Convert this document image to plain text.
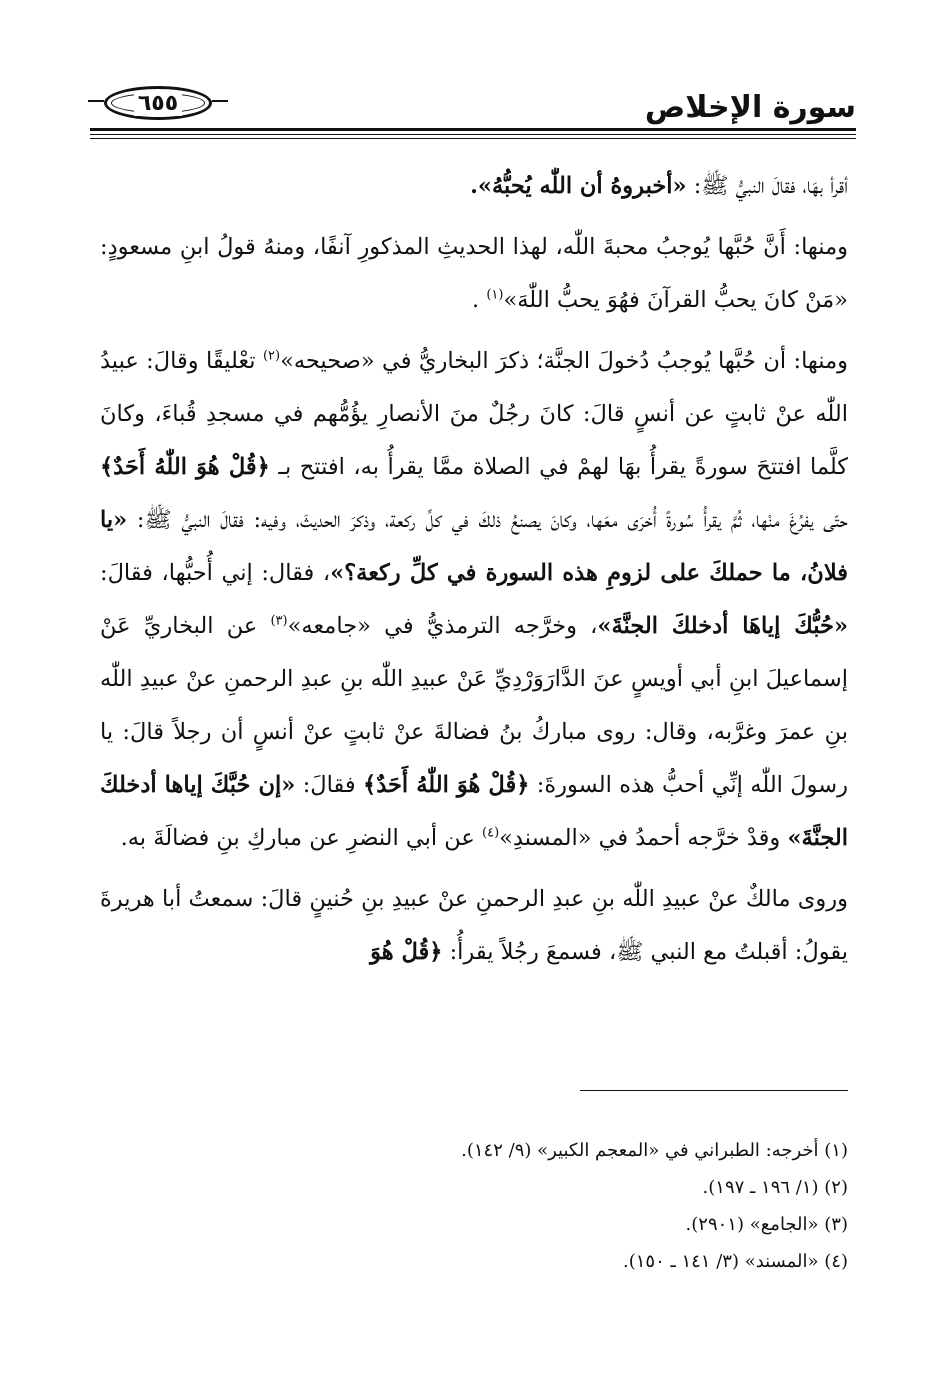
سورة الإخلاص
٦٥٥

أقرأ بهَا، فقالَ النبيُّ ﷺ: «أخبروهُ أن اللّٰه يُحبُّهُ».

ومنها: أَنَّ حُبَّها يُوجبُ محبةَ اللّٰه، لهذا الحديثِ المذكورِ آنفًا، ومنهُ قولُ ابنِ مسعودٍ: «مَنْ كانَ يحبُّ القرآنَ فهُوَ يحبُّ اللّٰهَ»$^{(١)}$ .

ومنها: أن حُبَّها يُوجبُ دُخولَ الجنَّة؛ ذكرَ البخاريُّ في «صحيحه»$^{(٢)}$ تعْليقًا وقالَ: عبيدُ اللّٰه عنْ ثابتٍ عن أنسٍ قالَ: كانَ رجُلٌ منَ الأنصارِ يؤُمُّهم في مسجدِ قُباءَ، وكانَ كلَّما افتتحَ سورةً يقرأُ بهَا لهمْ في الصلاة ممَّا يقرأُ به، افتتح بـ ﴿قُلْ هُوَ اللّٰهُ أَحَدٌ﴾ حتّى يفرُغَ منْها، ثُمَّ يقرأُ سُورةً أُخرَى معَها، وكانَ يصنعُ ذلكَ في كلِّ ركعة، وذكرَ الحديثَ، وفيه: فقالَ النبيُّ ﷺ: «يا فلانُ، ما حملكَ على لزومِ هذه السورة في كلِّ ركعة؟»، فقال: إني أُحبُّها، فقالَ: «حُبُّكَ إياهَا أدخلكَ الجنَّةَ»، وخرَّجه الترمذيُّ في «جامعه»$^{(٣)}$ عن البخاريِّ عَنْ إسماعيلَ ابنِ أبي أويسٍ عنَ الدَّارَوَرْدِيِّ عَنْ عبيدِ اللّٰه بنِ عبدِ الرحمنِ عنْ عبيدِ اللّٰه بنِ عمرَ وغرَّبه، وقال: روى مباركُ بنُ فضالةَ عنْ ثابتٍ عنْ أنسٍ أن رجلاً قالَ: يا رسولَ اللّٰه إنِّي أحبُّ هذه السورةَ: ﴿قُلْ هُوَ اللّٰهُ أَحَدٌ﴾ فقالَ: «إن حُبَّكَ إياها أدخلكَ الجنَّةَ» وقدْ خرَّجه أحمدُ في «المسندِ»$^{(٤)}$ عن أبي النضرِ عن مباركِ بنِ فضالَةَ به.

وروى مالكٌ عنْ عبيدِ اللّٰه بنِ عبدِ الرحمنِ عنْ عبيدِ بنِ حُنينٍ قالَ: سمعتُ أبا هريرةَ يقولُ: أقبلتُ مع النبي ﷺ، فسمعَ رجُلاً يقرأُ: ﴿قُلْ هُوَ

(١) أخرجه: الطبراني في «المعجم الكبير» (٩/ ١٤٢).
(٢) (١/ ١٩٦ ـ ١٩٧).
(٣) «الجامع» (٢٩٠١).
(٤) «المسند» (٣/ ١٤١ ـ ١٥٠).
